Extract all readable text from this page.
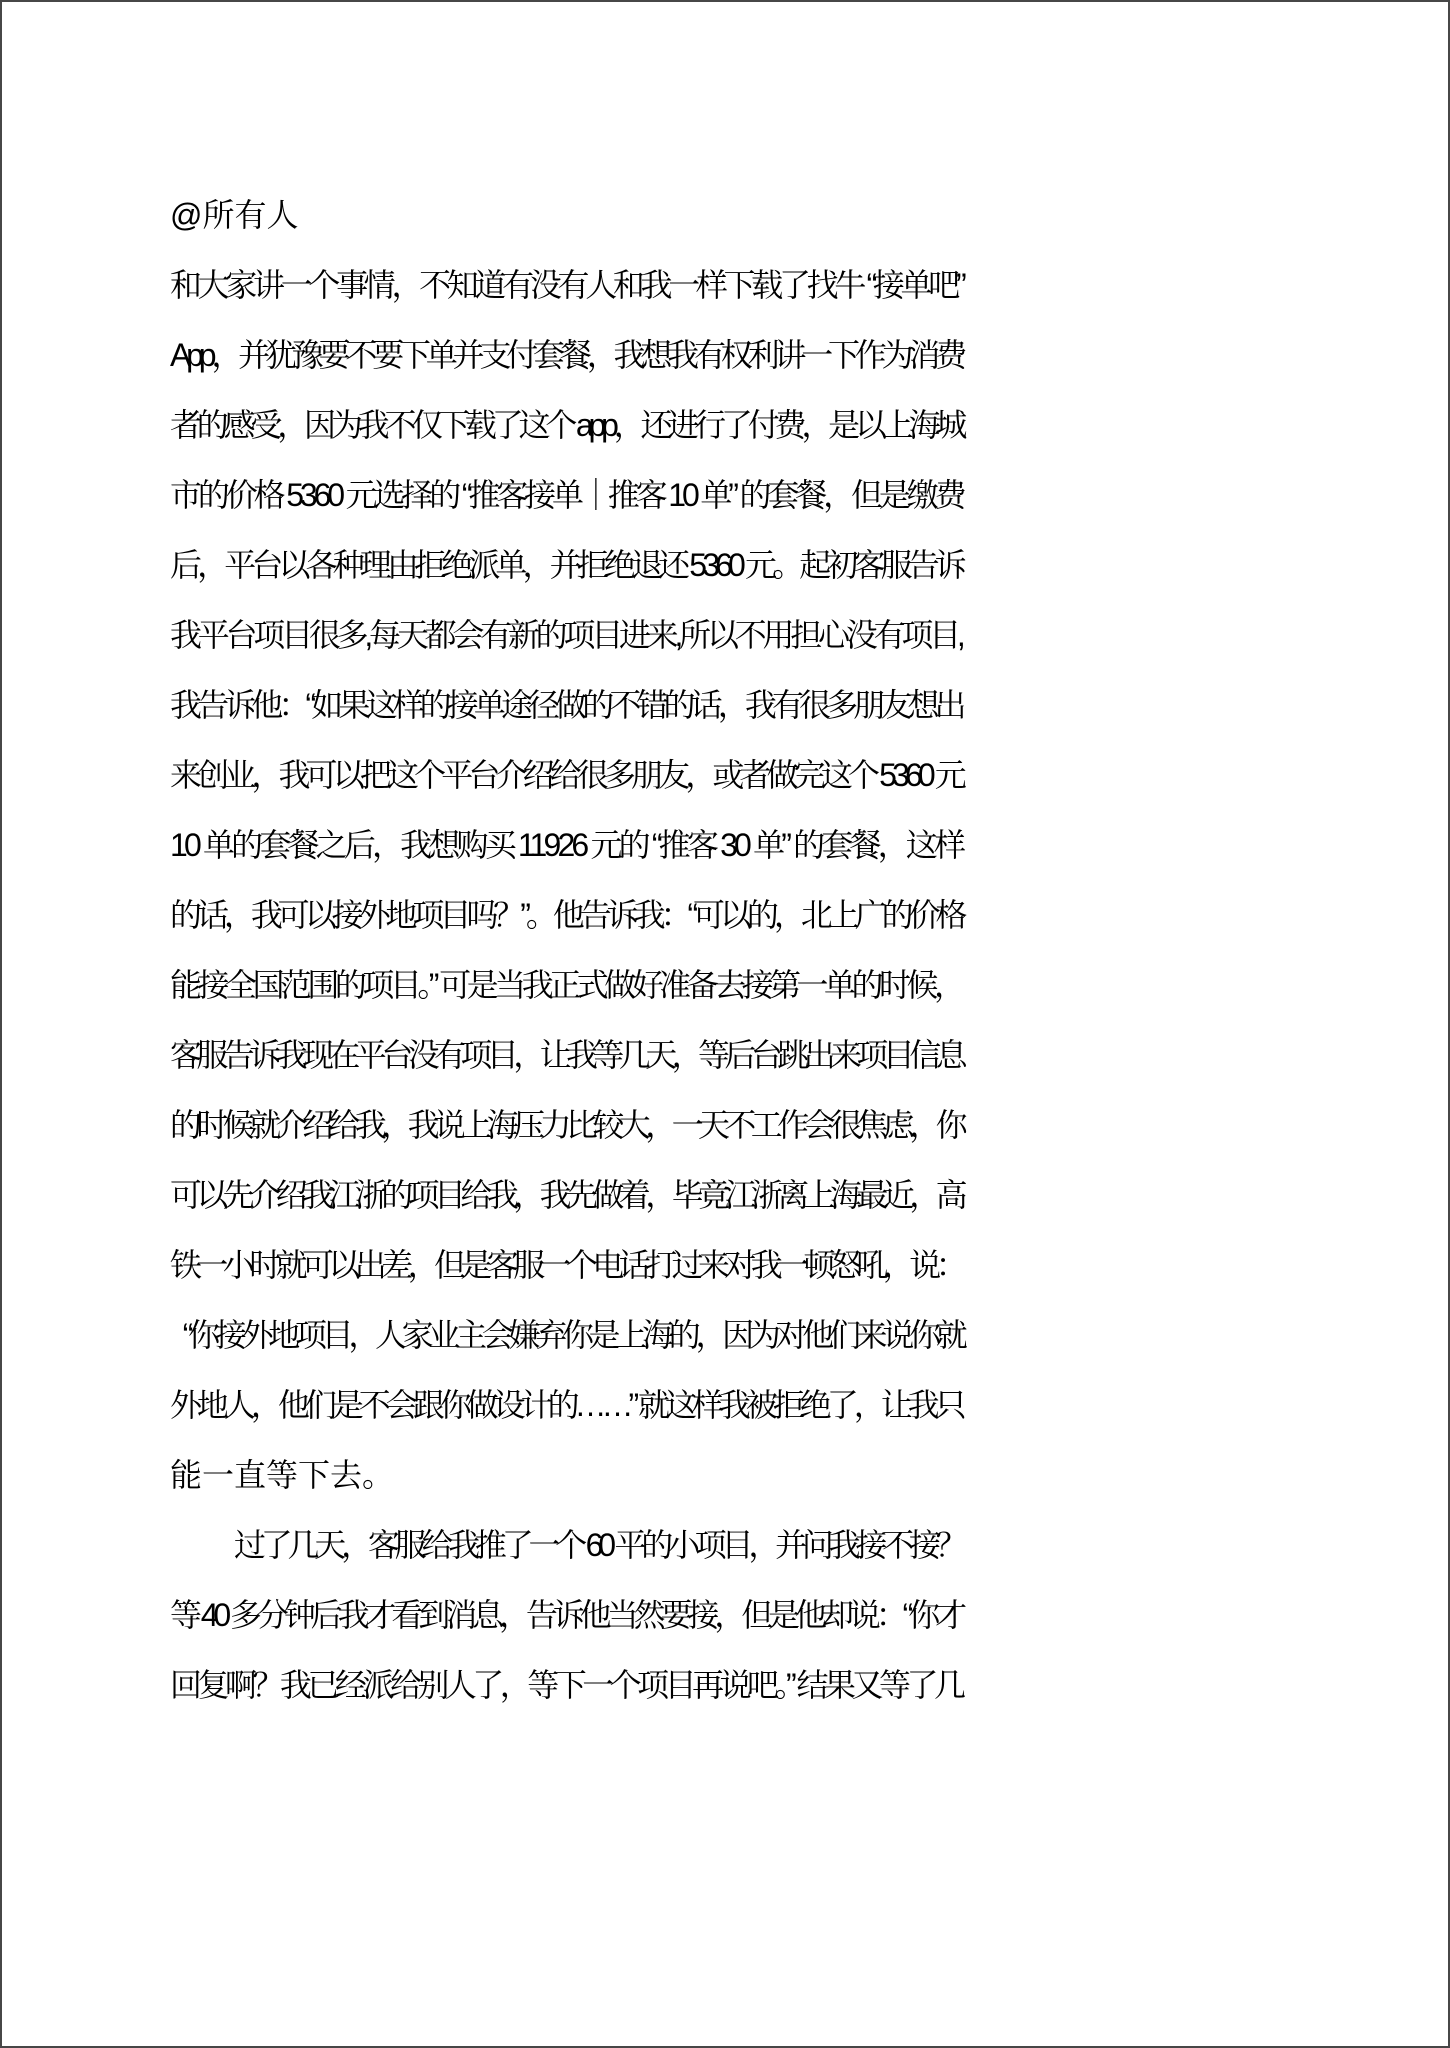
@所有人
和大家讲一个事情，不知道有没有人和我一样下载了找牛 “接单吧”
App，并犹豫要不要下单并支付套餐，我想我有权利讲一下作为消费
者的感受，因为我不仅下载了这个 app，还进行了付费，是以上海城
市的价格 5360 元选择的 “推客接单｜推客 10 单” 的套餐，但是缴费
后，平台以各种理由拒绝派单，并拒绝退还 5360 元。起初客服告诉
我平台项目很多,每天都会有新的项目进来,所以不用担心没有项目,
我告诉他：“如果这样的接单途径做的不错的话，我有很多朋友想出
来创业，我可以把这个平台介绍给很多朋友，或者做完这个 5360 元
10 单的套餐之后，我想购买 11926 元的 “推客 30 单” 的套餐，这样
的话，我可以接外地项目吗？”。他告诉我：“可以的，北上广的价格
能接全国范围的项目。” 可是当我正式做好准备去接第一单的时候，
客服告诉我现在平台没有项目，让我等几天，等后台跳出来项目信息
的时候就介绍给我，我说上海压力比较大，一天不工作会很焦虑，你
可以先介绍我江浙的项目给我，我先做着，毕竟江浙离上海最近，高
铁一小时就可以出差，但是客服一个电话打过来对我一顿怒吼，说：
“你接外地项目，人家业主会嫌弃你是上海的，因为对他们来说你就
外地人，他们是不会跟你做设计的……” 就这样我被拒绝了，让我只
能一直等下去。
过了几天，客服给我推了一个 60 平的小项目，并问我接不接？
等 40 多分钟后我才看到消息，告诉他当然要接，但是他却说：“你才
回复啊？我已经派给别人了，等下一个项目再说吧。” 结果又等了几
